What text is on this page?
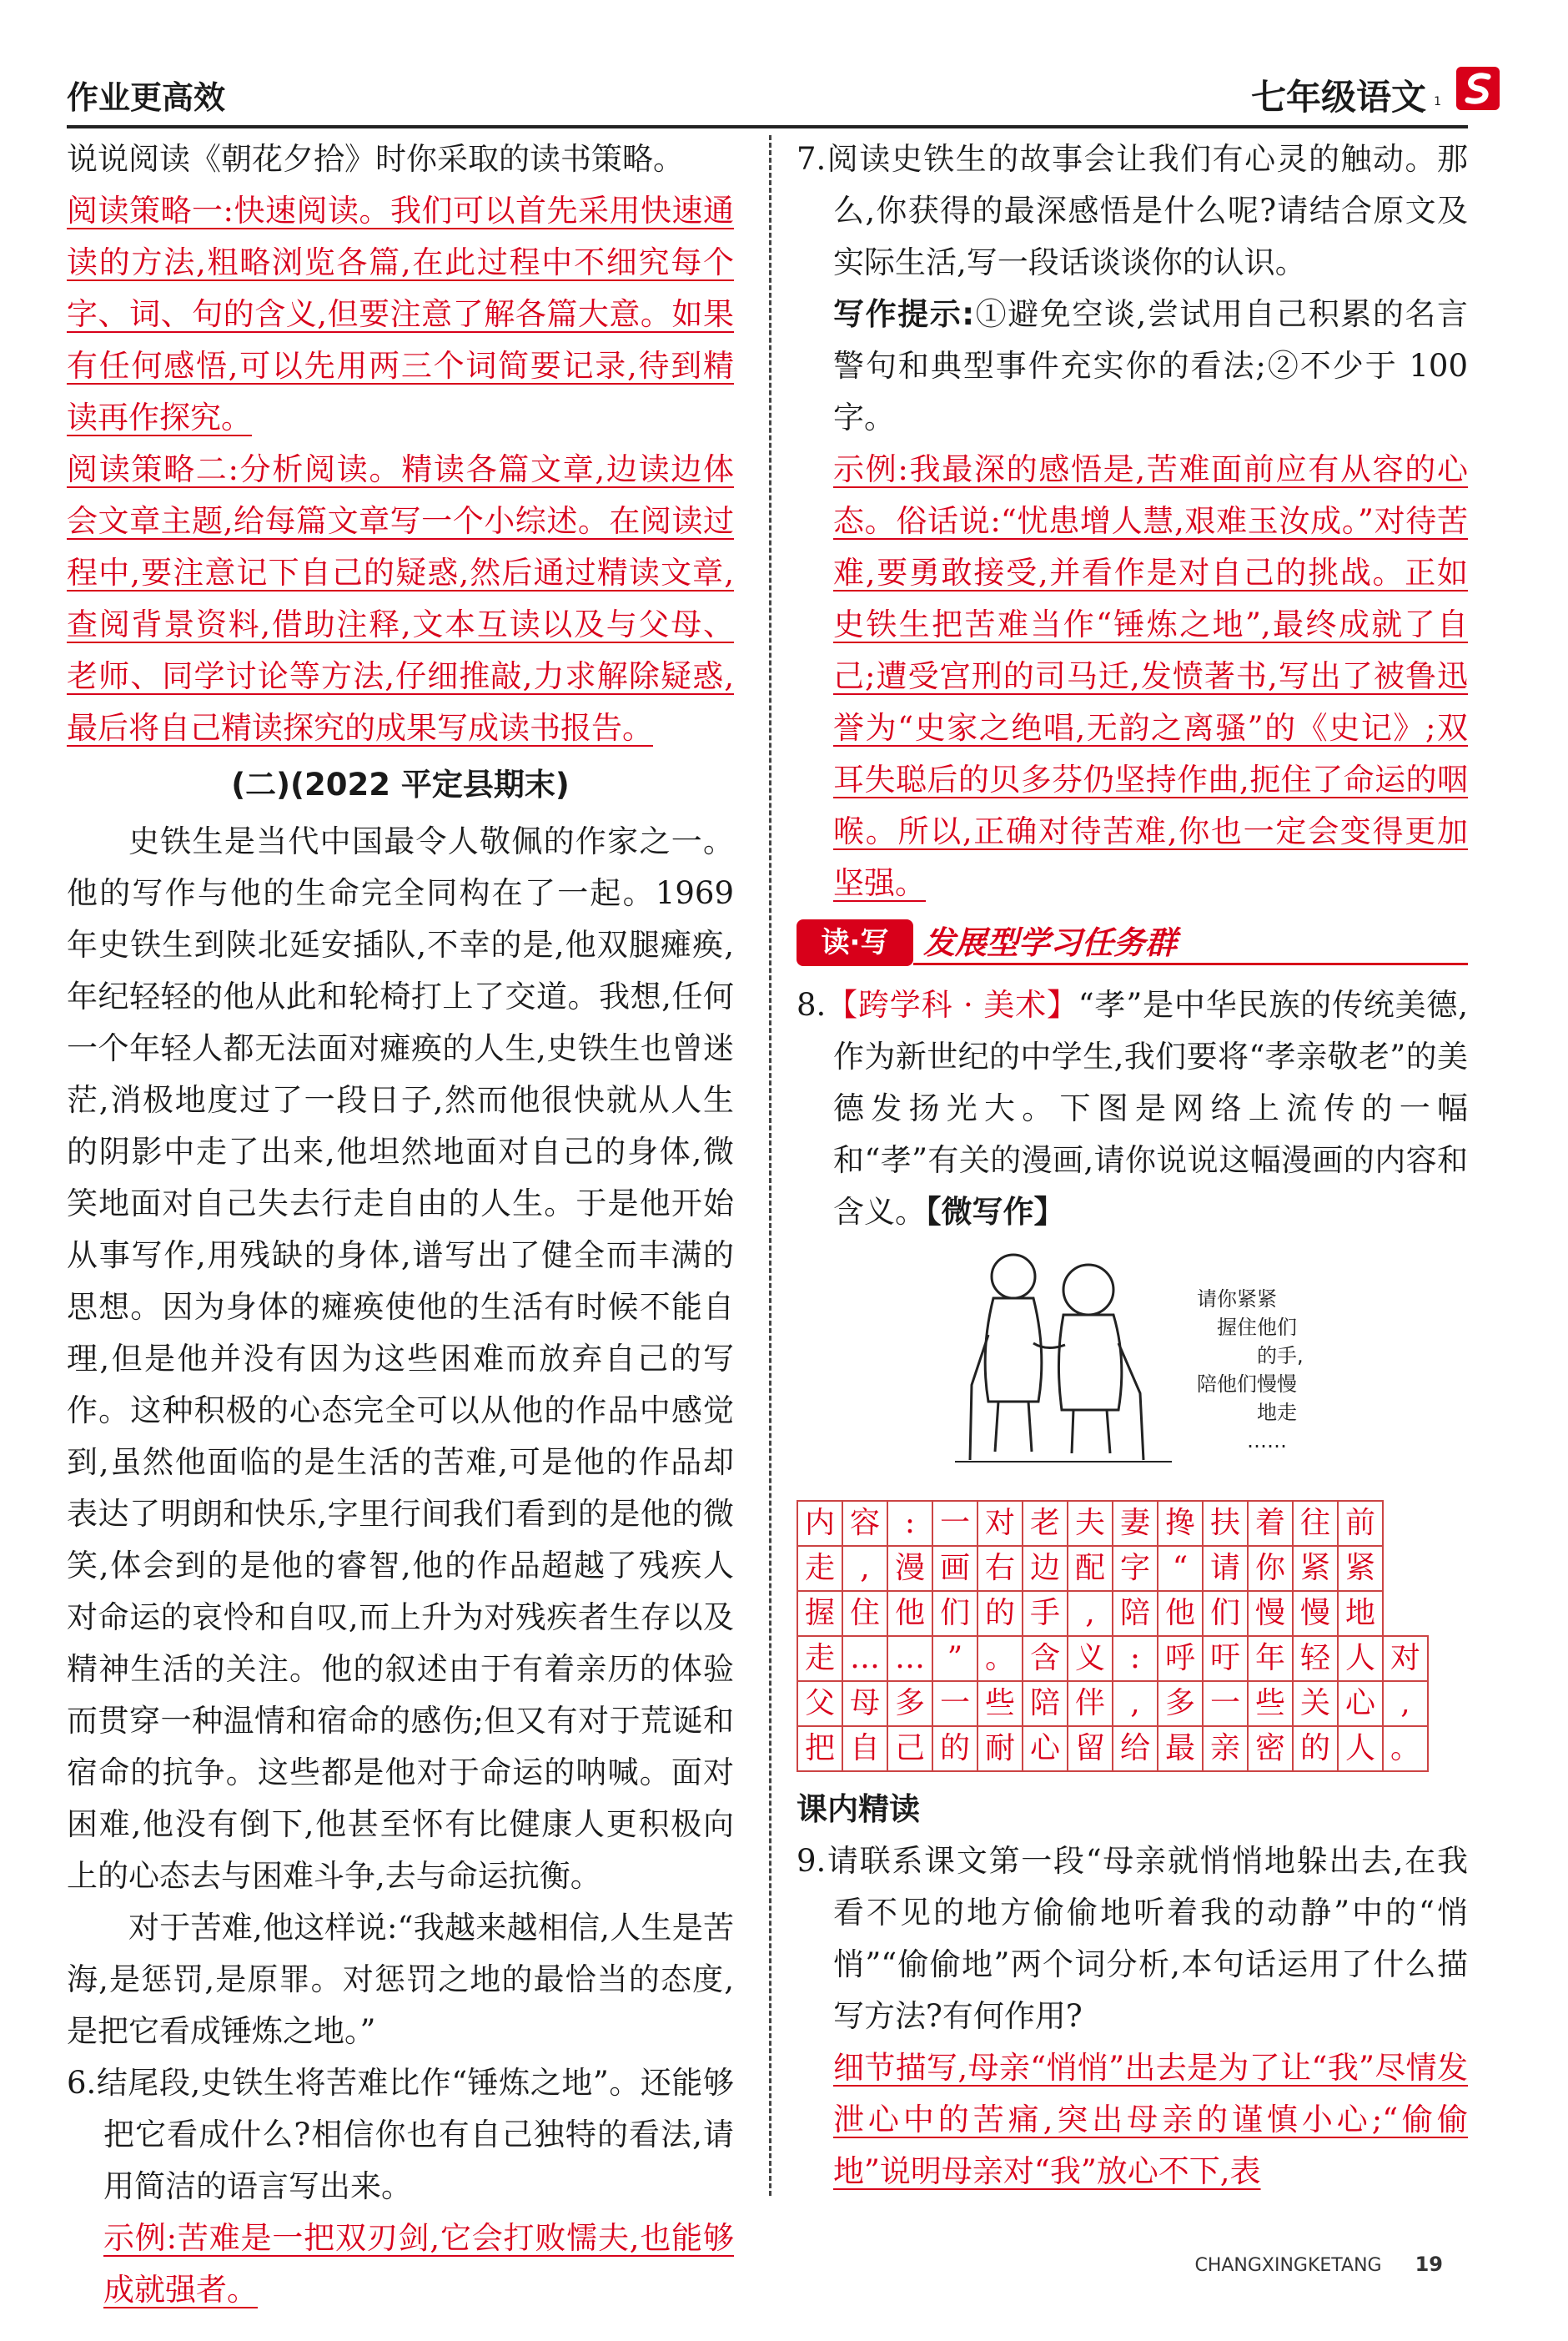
作业更高效	七年级语文 1

说说阅读《朝花夕拾》时你采取的读书策略。

阅读策略一:快速阅读。我们可以首先采用快速通读的方法,粗略浏览各篇,在此过程中不细究每个字、词、句的含义,但要注意了解各篇大意。如果有任何感悟,可以先用两三个词简要记录,待到精读再作探究。

阅读策略二:分析阅读。精读各篇文章,边读边体会文章主题,给每篇文章写一个小综述。在阅读过程中,要注意记下自己的疑惑,然后通过精读文章,查阅背景资料,借助注释,文本互读以及与父母、老师、同学讨论等方法,仔细推敲,力求解除疑惑,最后将自己精读探究的成果写成读书报告。

(二)(2022 平定县期末)

史铁生是当代中国最令人敬佩的作家之一。他的写作与他的生命完全同构在了一起。1969 年史铁生到陕北延安插队,不幸的是,他双腿瘫痪,年纪轻轻的他从此和轮椅打上了交道。我想,任何一个年轻人都无法面对瘫痪的人生,史铁生也曾迷茫,消极地度过了一段日子,然而他很快就从人生的阴影中走了出来,他坦然地面对自己的身体,微笑地面对自己失去行走自由的人生。于是他开始从事写作,用残缺的身体,谱写出了健全而丰满的思想。因为身体的瘫痪使他的生活有时候不能自理,但是他并没有因为这些困难而放弃自己的写作。这种积极的心态完全可以从他的作品中感觉到,虽然他面临的是生活的苦难,可是他的作品却表达了明朗和快乐,字里行间我们看到的是他的微笑,体会到的是他的睿智,他的作品超越了残疾人对命运的哀怜和自叹,而上升为对残疾者生存以及精神生活的关注。他的叙述由于有着亲历的体验而贯穿一种温情和宿命的感伤;但又有对于荒诞和宿命的抗争。这些都是他对于命运的呐喊。面对困难,他没有倒下,他甚至怀有比健康人更积极向上的心态去与困难斗争,去与命运抗衡。

对于苦难,他这样说:“我越来越相信,人生是苦海,是惩罚,是原罪。对惩罚之地的最恰当的态度,是把它看成锤炼之地。”

6.结尾段,史铁生将苦难比作“锤炼之地”。还能够把它看成什么?相信你也有自己独特的看法,请用简洁的语言写出来。

示例:苦难是一把双刃剑,它会打败懦夫,也能够成就强者。

7.阅读史铁生的故事会让我们有心灵的触动。那么,你获得的最深感悟是什么呢?请结合原文及实际生活,写一段话谈谈你的认识。

写作提示:①避免空谈,尝试用自己积累的名言警句和典型事件充实你的看法;②不少于 100 字。

示例:我最深的感悟是,苦难面前应有从容的心态。俗话说:“忧患增人慧,艰难玉汝成。”对待苦难,要勇敢接受,并看作是对自己的挑战。正如史铁生把苦难当作“锤炼之地”,最终成就了自己;遭受宫刑的司马迁,发愤著书,写出了被鲁迅誉为“史家之绝唱,无韵之离骚”的《史记》;双耳失聪后的贝多芬仍坚持作曲,扼住了命运的咽喉。所以,正确对待苦难,你也一定会变得更加坚强。

读·写	发展型学习任务群

8.【跨学科 · 美术】“孝”是中华民族的传统美德,作为新世纪的中学生,我们要将“孝亲敬老”的美德发扬光大。下图是网络上流传的一幅和“孝”有关的漫画,请你说说这幅漫画的内容和含义。【微写作】

请你紧紧
握住他们
的手,
陪他们慢慢
地走
……
内	容	:	一	对	老	夫	妻	搀	扶	着	往	前	
走	,	漫	画	右	边	配	字	“	请	你	紧	紧	
握	住	他	们	的	手	,	陪	他	们	慢	慢	地	
走	…	…	”	。	含	义	:	呼	吁	年	轻	人	对
父	母	多	一	些	陪	伴	,	多	一	些	关	心	,
把	自	己	的	耐	心	留	给	最	亲	密	的	人	。

课内精读

9.请联系课文第一段“母亲就悄悄地躲出去,在我看不见的地方偷偷地听着我的动静”中的“悄悄”“偷偷地”两个词分析,本句话运用了什么描写方法?有何作用?

细节描写,母亲“悄悄”出去是为了让“我”尽情发泄心中的苦痛,突出母亲的谨慎小心;“偷偷地”说明母亲对“我”放心不下,表

CHANGXINGKETANG 19
